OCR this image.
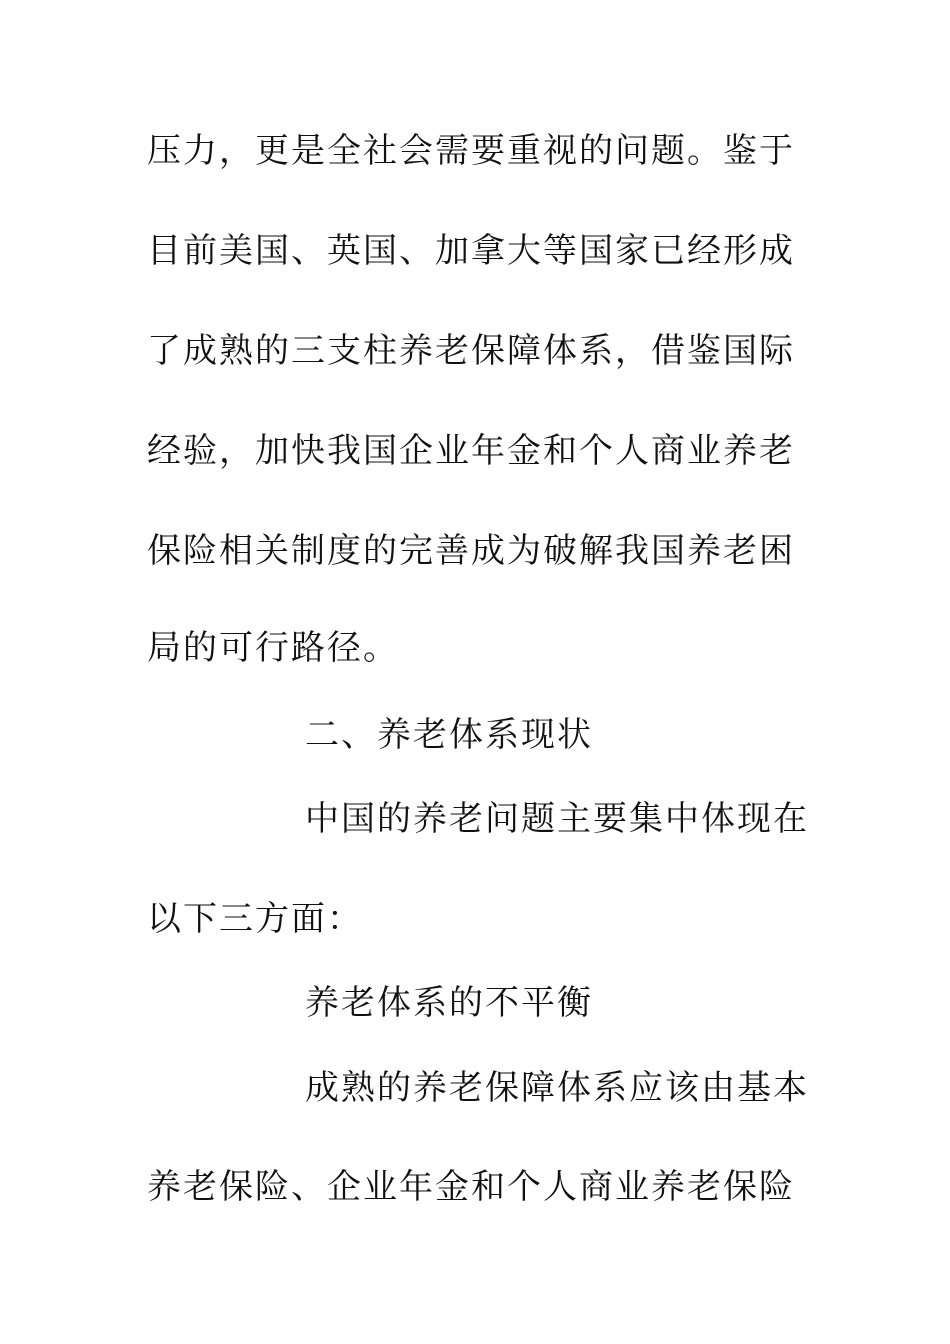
压力，更是全社会需要重视的问题。鉴于
目前美国、英国、加拿大等国家已经形成
了成熟的三支柱养老保障体系，借鉴国际
经验，加快我国企业年金和个人商业养老
保险相关制度的完善成为破解我国养老困
局的可行路径。
二、养老体系现状
中国的养老问题主要集中体现在
以下三方面：
养老体系的不平衡
成熟的养老保障体系应该由基本
养老保险、企业年金和个人商业养老保险
